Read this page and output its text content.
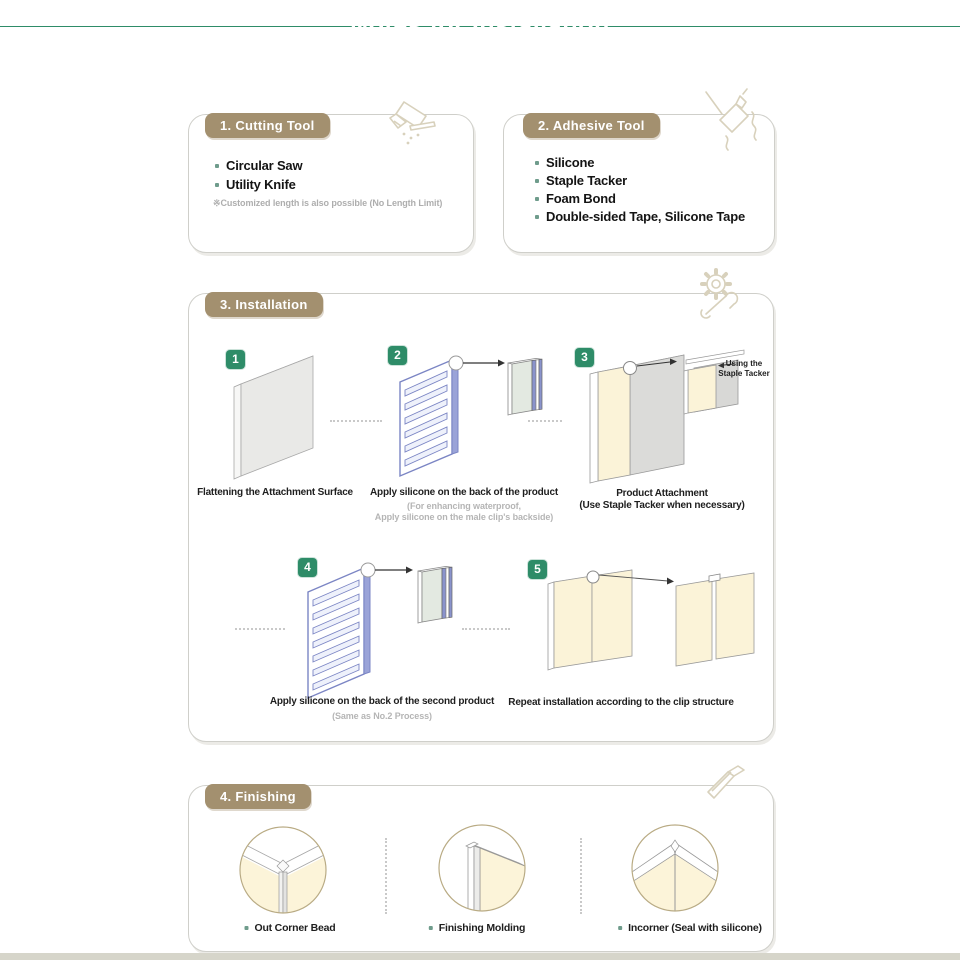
Notes for Installation
1. Cutting Tool
Circular Saw
Utility Knife
※Customized length is also possible (No Length Limit)
2. Adhesive Tool
Silicone
Staple Tacker
Foam Bond
Double-sided Tape, Silicone Tape
3. Installation
1	2	3
4	5
Flattening the Attachment Surface Apply silicone on the back of the product
(For enhancing waterproof,
Apply silicone on the male clip's backside)
Product Attachment
(Use Staple Tacker when necessary)
Using the
Staple Tacker
Apply silicone on the back of the second product
(Same as No.2 Process)
Repeat installation according to the clip structure
4. Finishing
Out Corner Bead	Finishing Molding	Incorner (Seal with silicone)
